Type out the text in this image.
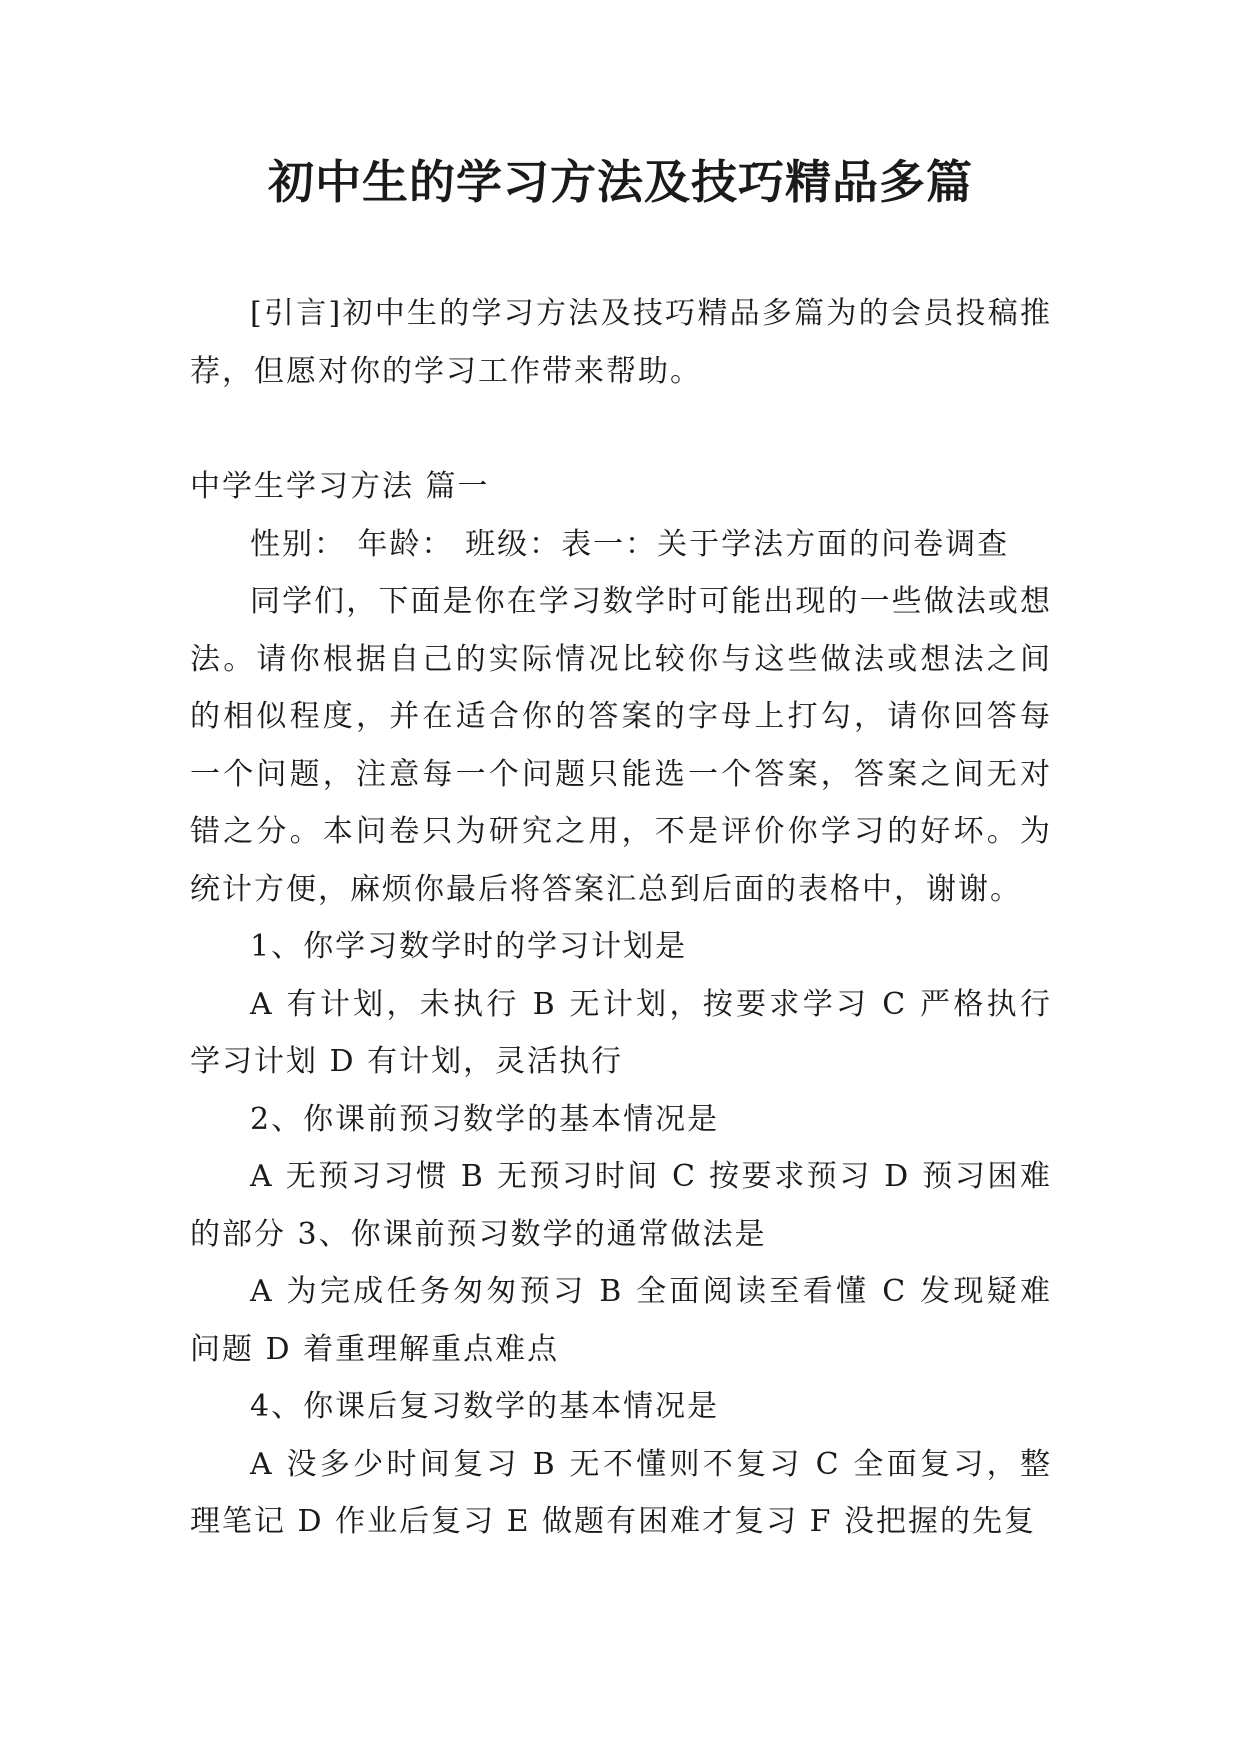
初中生的学习方法及技巧精品多篇

[引言]初中生的学习方法及技巧精品多篇为的会员投稿推荐，但愿对你的学习工作带来帮助。

中学生学习方法 篇一

性别： 年龄： 班级：表一：关于学法方面的问卷调查

同学们，下面是你在学习数学时可能出现的一些做法或想法。请你根据自己的实际情况比较你与这些做法或想法之间的相似程度，并在适合你的答案的字母上打勾，请你回答每一个问题，注意每一个问题只能选一个答案，答案之间无对错之分。本问卷只为研究之用，不是评价你学习的好坏。为统计方便，麻烦你最后将答案汇总到后面的表格中，谢谢。

1、你学习数学时的学习计划是

A 有计划，未执行 B 无计划，按要求学习 C 严格执行学习计划 D 有计划，灵活执行

2、你课前预习数学的基本情况是

A 无预习习惯 B 无预习时间 C 按要求预习 D 预习困难的部分 3、你课前预习数学的通常做法是

A 为完成任务匆匆预习 B 全面阅读至看懂 C 发现疑难问题 D 着重理解重点难点

4、你课后复习数学的基本情况是

A 没多少时间复习 B 无不懂则不复习 C 全面复习，整理笔记 D 作业后复习 E 做题有困难才复习 F 没把握的先复
